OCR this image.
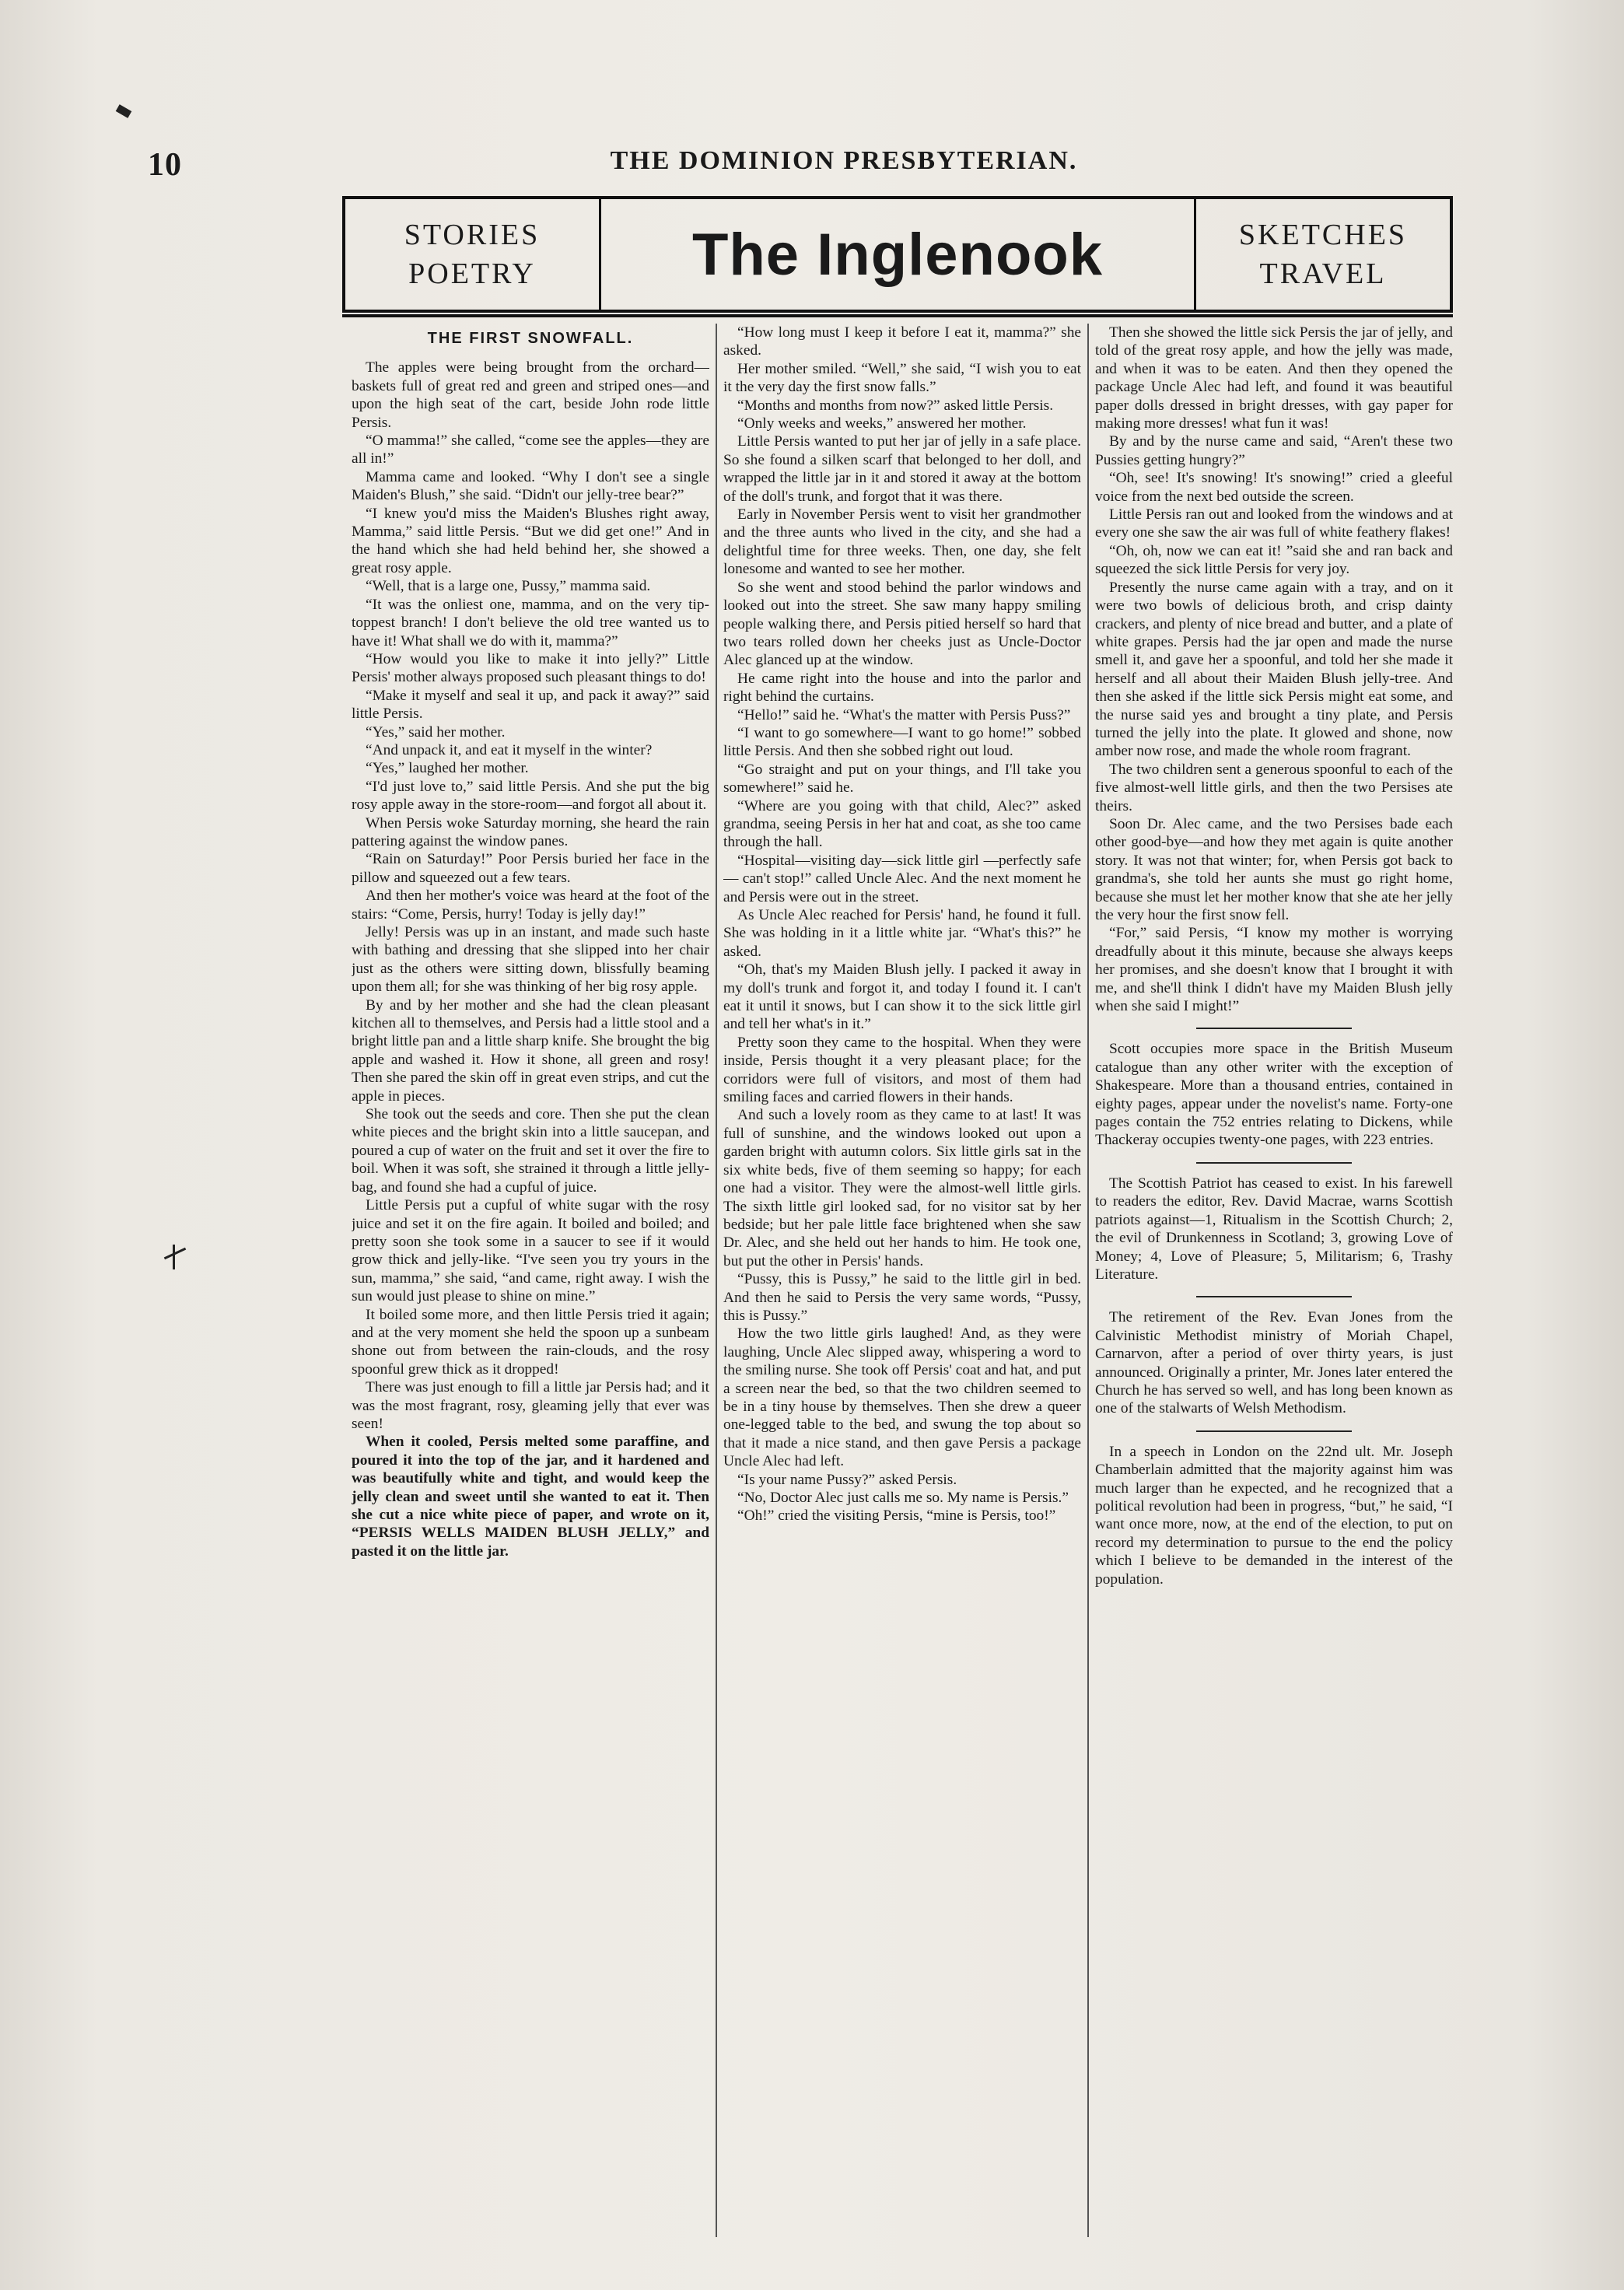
10	THE DOMINION PRESBYTERIAN.
STORIES
POETRY	The Inglenook	SKETCHES
TRAVEL
THE FIRST SNOWFALL.

The apples were being brought from the orchard—baskets full of great red and green and striped ones—and upon the high seat of the cart, beside John rode little Persis.

“O mamma!” she called, “come see the apples—they are all in!”

Mamma came and looked. “Why I don't see a single Maiden's Blush,” she said. “Didn't our jelly-tree bear?”

“I knew you'd miss the Maiden's Blushes right away, Mamma,” said little Persis. “But we did get one!” And in the hand which she had held behind her, she showed a great rosy apple.

“Well, that is a large one, Pussy,” mamma said.

“It was the onliest one, mamma, and on the very tip-toppest branch! I don't believe the old tree wanted us to have it! What shall we do with it, mamma?”

“How would you like to make it into jelly?” Little Persis' mother always proposed such pleasant things to do!

“Make it myself and seal it up, and pack it away?” said little Persis.

“Yes,” said her mother.

“And unpack it, and eat it myself in the winter?

“Yes,” laughed her mother.

“I'd just love to,” said little Persis. And she put the big rosy apple away in the store-room—and forgot all about it.

When Persis woke Saturday morning, she heard the rain pattering against the window panes.

“Rain on Saturday!” Poor Persis buried her face in the pillow and squeezed out a few tears.

And then her mother's voice was heard at the foot of the stairs: “Come, Persis, hurry! Today is jelly day!”

Jelly! Persis was up in an instant, and made such haste with bathing and dressing that she slipped into her chair just as the others were sitting down, blissfully beaming upon them all; for she was thinking of her big rosy apple.

By and by her mother and she had the clean pleasant kitchen all to themselves, and Persis had a little stool and a bright little pan and a little sharp knife. She brought the big apple and washed it. How it shone, all green and rosy! Then she pared the skin off in great even strips, and cut the apple in pieces.

She took out the seeds and core. Then she put the clean white pieces and the bright skin into a little saucepan, and poured a cup of water on the fruit and set it over the fire to boil. When it was soft, she strained it through a little jelly-bag, and found she had a cupful of juice.

Little Persis put a cupful of white sugar with the rosy juice and set it on the fire again. It boiled and boiled; and pretty soon she took some in a saucer to see if it would grow thick and jelly-like. “I've seen you try yours in the sun, mamma,” she said, “and came, right away. I wish the sun would just please to shine on mine.”

It boiled some more, and then little Persis tried it again; and at the very moment she held the spoon up a sunbeam shone out from between the rain-clouds, and the rosy spoonful grew thick as it dropped!

There was just enough to fill a little jar Persis had; and it was the most fragrant, rosy, gleaming jelly that ever was seen!

When it cooled, Persis melted some paraffine, and poured it into the top of the jar, and it hardened and was beautifully white and tight, and would keep the jelly clean and sweet until she wanted to eat it. Then she cut a nice white piece of paper, and wrote on it, “PERSIS WELLS MAIDEN BLUSH JELLY,” and pasted it on the little jar.

“How long must I keep it before I eat it, mamma?” she asked.

Her mother smiled. “Well,” she said, “I wish you to eat it the very day the first snow falls.”

“Months and months from now?” asked little Persis.

“Only weeks and weeks,” answered her mother.

Little Persis wanted to put her jar of jelly in a safe place. So she found a silken scarf that belonged to her doll, and wrapped the little jar in it and stored it away at the bottom of the doll's trunk, and forgot that it was there.

Early in November Persis went to visit her grandmother and the three aunts who lived in the city, and she had a delightful time for three weeks. Then, one day, she felt lonesome and wanted to see her mother.

So she went and stood behind the parlor windows and looked out into the street. She saw many happy smiling people walking there, and Persis pitied herself so hard that two tears rolled down her cheeks just as Uncle-Doctor Alec glanced up at the window.

He came right into the house and into the parlor and right behind the curtains.

“Hello!” said he. “What's the matter with Persis Puss?”

“I want to go somewhere—I want to go home!” sobbed little Persis. And then she sobbed right out loud.

“Go straight and put on your things, and I'll take you somewhere!” said he.

“Where are you going with that child, Alec?” asked grandma, seeing Persis in her hat and coat, as she too came through the hall.

“Hospital—visiting day—sick little girl —perfectly safe — can't stop!” called Uncle Alec. And the next moment he and Persis were out in the street.

As Uncle Alec reached for Persis' hand, he found it full. She was holding in it a little white jar. “What's this?” he asked.

“Oh, that's my Maiden Blush jelly. I packed it away in my doll's trunk and forgot it, and today I found it. I can't eat it until it snows, but I can show it to the sick little girl and tell her what's in it.”

Pretty soon they came to the hospital. When they were inside, Persis thought it a very pleasant place; for the corridors were full of visitors, and most of them had smiling faces and carried flowers in their hands.

And such a lovely room as they came to at last! It was full of sunshine, and the windows looked out upon a garden bright with autumn colors. Six little girls sat in the six white beds, five of them seeming so happy; for each one had a visitor. They were the almost-well little girls. The sixth little girl looked sad, for no visitor sat by her bedside; but her pale little face brightened when she saw Dr. Alec, and she held out her hands to him. He took one, but put the other in Persis' hands.

“Pussy, this is Pussy,” he said to the little girl in bed. And then he said to Persis the very same words, “Pussy, this is Pussy.”

How the two little girls laughed! And, as they were laughing, Uncle Alec slipped away, whispering a word to the smiling nurse. She took off Persis' coat and hat, and put a screen near the bed, so that the two children seemed to be in a tiny house by themselves. Then she drew a queer one-legged table to the bed, and swung the top about so that it made a nice stand, and then gave Persis a package Uncle Alec had left.

“Is your name Pussy?” asked Persis.

“No, Doctor Alec just calls me so. My name is Persis.”

“Oh!” cried the visiting Persis, “mine is Persis, too!”

Then she showed the little sick Persis the jar of jelly, and told of the great rosy apple, and how the jelly was made, and when it was to be eaten. And then they opened the package Uncle Alec had left, and found it was beautiful paper dolls dressed in bright dresses, with gay paper for making more dresses! what fun it was!

By and by the nurse came and said, “Aren't these two Pussies getting hungry?”

“Oh, see! It's snowing! It's snowing!” cried a gleeful voice from the next bed outside the screen.

Little Persis ran out and looked from the windows and at every one she saw the air was full of white feathery flakes!

“Oh, oh, now we can eat it! ”said she and ran back and squeezed the sick little Persis for very joy.

Presently the nurse came again with a tray, and on it were two bowls of delicious broth, and crisp dainty crackers, and plenty of nice bread and butter, and a plate of white grapes. Persis had the jar open and made the nurse smell it, and gave her a spoonful, and told her she made it herself and all about their Maiden Blush jelly-tree. And then she asked if the little sick Persis might eat some, and the nurse said yes and brought a tiny plate, and Persis turned the jelly into the plate. It glowed and shone, now amber now rose, and made the whole room fragrant.

The two children sent a generous spoonful to each of the five almost-well little girls, and then the two Persises ate theirs.

Soon Dr. Alec came, and the two Persises bade each other good-bye—and how they met again is quite another story. It was not that winter; for, when Persis got back to grandma's, she told her aunts she must go right home, because she must let her mother know that she ate her jelly the very hour the first snow fell.

“For,” said Persis, “I know my mother is worrying dreadfully about it this minute, because she always keeps her promises, and she doesn't know that I brought it with me, and she'll think I didn't have my Maiden Blush jelly when she said I might!”

Scott occupies more space in the British Museum catalogue than any other writer with the exception of Shakespeare. More than a thousand entries, contained in eighty pages, appear under the novelist's name. Forty-one pages contain the 752 entries relating to Dickens, while Thackeray occupies twenty-one pages, with 223 entries.

The Scottish Patriot has ceased to exist. In his farewell to readers the editor, Rev. David Macrae, warns Scottish patriots against—1, Ritualism in the Scottish Church; 2, the evil of Drunkenness in Scotland; 3, growing Love of Money; 4, Love of Pleasure; 5, Militarism; 6, Trashy Literature.

The retirement of the Rev. Evan Jones from the Calvinistic Methodist ministry of Moriah Chapel, Carnarvon, after a period of over thirty years, is just announced. Originally a printer, Mr. Jones later entered the Church he has served so well, and has long been known as one of the stalwarts of Welsh Methodism.

In a speech in London on the 22nd ult. Mr. Joseph Chamberlain admitted that the majority against him was much larger than he expected, and he recognized that a political revolution had been in progress, “but,” he said, “I want once more, now, at the end of the election, to put on record my determination to pursue to the end the policy which I believe to be demanded in the interest of the population.
